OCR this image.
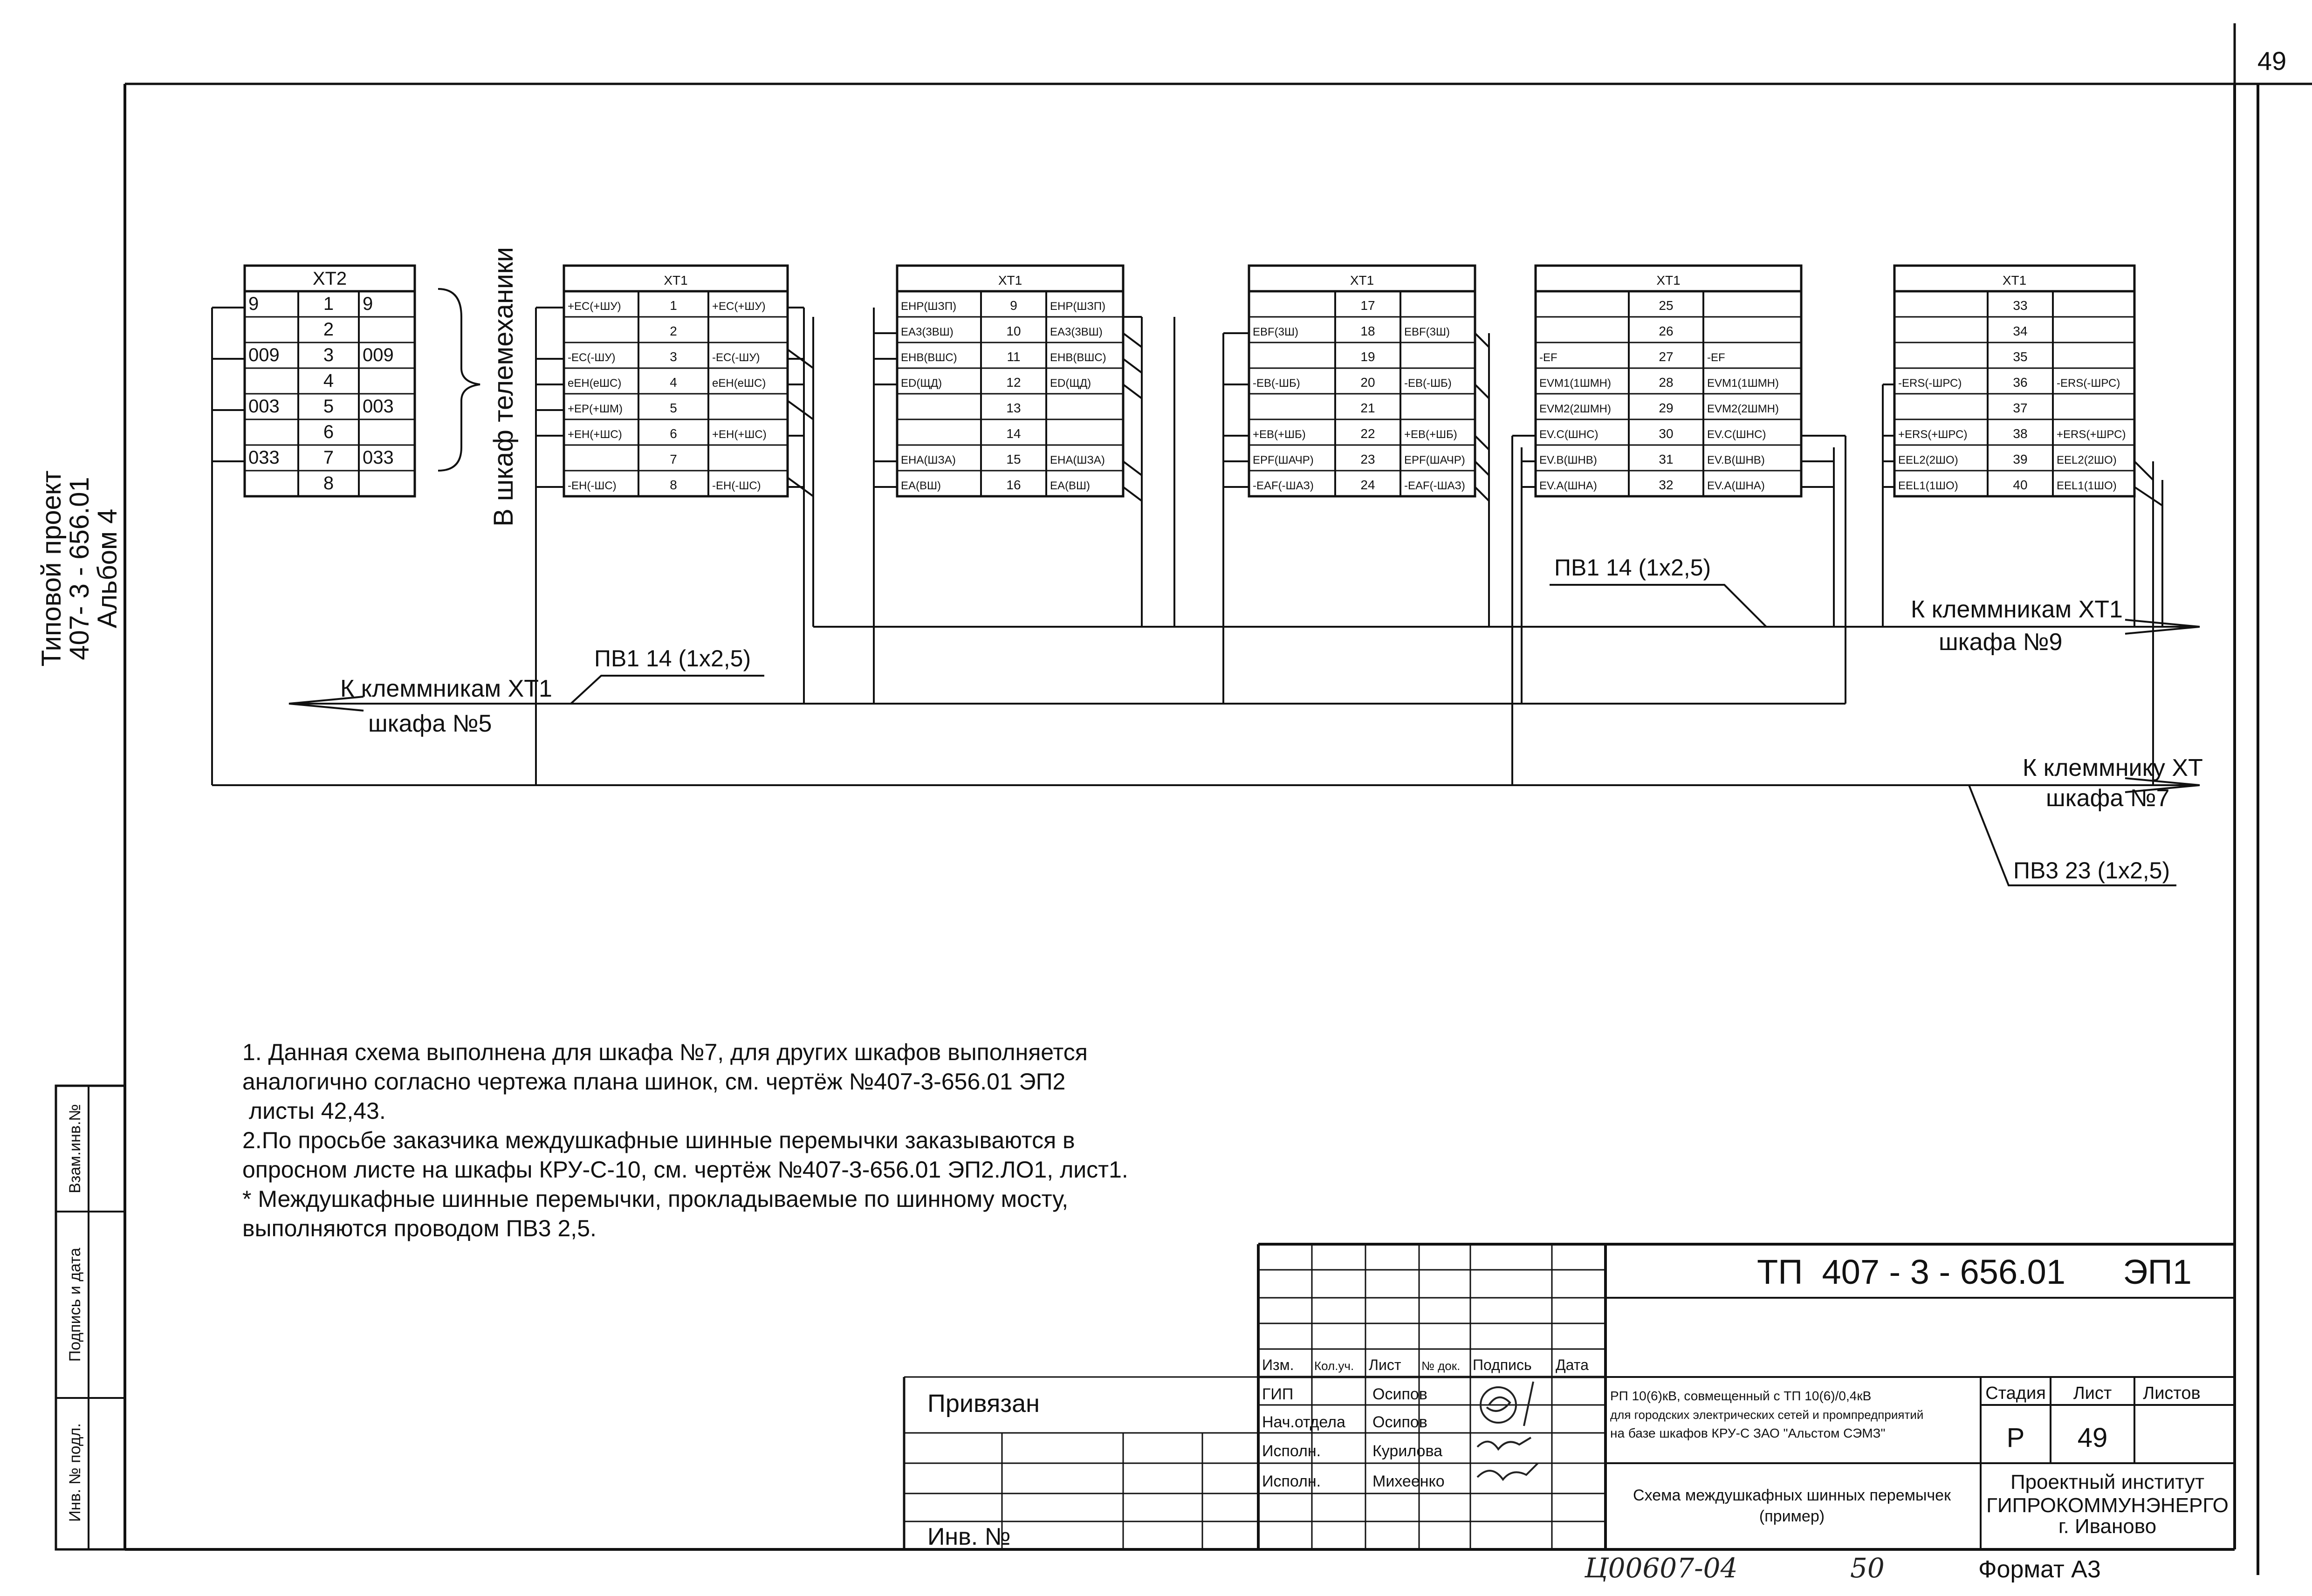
49
Типовой проект
407- 3 - 656.01
Альбом 4
Взам.инв.№
Подпись и дата
Инв. № подл.
XT2
9	1 9
2
009 3 009
4
003 5 003
6
033 7 033
8
XT1
+EC(+ШУ)	1	+EC(+ШУ)
2
-EC(-ШУ)	3	-EC(-ШУ)
eEH(eШС)	4	eEH(eШС)
+EP(+ШМ)	5
+EH(+ШС)	6	+EH(+ШС)
7
-EH(-ШС)	8	-EH(-ШС)
XT1
EHP(ШЗП)	9	EHP(ШЗП)
EA3(3ВШ)	10	EA3(3ВШ)
EHB(ВШС)	11	EHB(ВШС)
ED(ЩД)	12	ED(ЩД)
13
14
EHA(ШЗА)	15	EHA(ШЗА)
EA(ВШ)	16	EA(ВШ)
XT1
17
EBF(3Ш)	18	EBF(3Ш)
19
-EB(-ШБ)	20	-EB(-ШБ)
21
+EB(+ШБ)	22	+EB(+ШБ)
EPF(ШАЧР)	23	EPF(ШАЧР)
-EAF(-ШАЗ)	24	-EAF(-ШАЗ)
XT1
25
26
-EF	27	-EF
EVM1(1ШМН)	28	EVM1(1ШМН)
EVM2(2ШМН)	29	EVM2(2ШМН)
EV.C(ШНС)	30	EV.C(ШНС)
EV.B(ШНВ)	31	EV.B(ШНВ)
EV.A(ШНА)	32	EV.A(ШНА)
XT1
33
34
35
-ERS(-ШРС)	36	-ERS(-ШРС)
37
+ERS(+ШРС)	38	+ERS(+ШРС)
EEL2(2ШО)	39	EEL2(2ШО)
EEL1(1ШО)	40	EEL1(1ШО)
В шкаф телемеханики
ПВ1 14 (1х2,5)
К клеммникам XT1
шкафа №9
ПВ1 14 (1х2,5)
К клеммникам XT1
шкафа №5
К клеммнику XT
шкафа №7
ПВ3 23 (1х2,5)
1. Данная схема выполнена для шкафа №7, для других шкафов выполняется
аналогично согласно чертежа плана шинок, см. чертёж №407-3-656.01 ЭП2
листы 42,43.
2.По просьбе заказчика междушкафные шинные перемычки заказываются в
опросном листе на шкафы КРУ-С-10, см. чертёж №407-3-656.01 ЭП2.ЛО1, лист1.
* Междушкафные шинные перемычки, прокладываемые по шинному мосту,
выполняются проводом ПВ3 2,5.
ТП  407 - 3 - 656.01      ЭП1
Изм. Кол.уч. Лист № док. Подпись Дата
ГИП
Нач.отдела
Исполн.
Исполн.
Осипов
Осипов
Курилова
Михеенко
Привязан
Инв. №
РП 10(6)кВ, совмещенный с ТП 10(6)/0,4кВ
для городских электрических сетей и промпредприятий
на базе шкафов КРУ-С ЗАО "Альстом СЭМЗ"
Схема междушкафных шинных перемычек
(пример)
Стадия Лист Листов
Р 49
Проектный институт
ГИПРОКОММУНЭНЕРГО
г. Иваново
Ц00607-04	50	Формат А3
